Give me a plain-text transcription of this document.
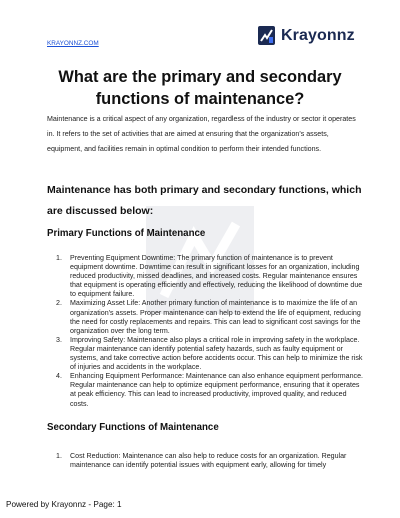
KRAYONNZ.COM	Krayonnz
What are the primary and secondary functions of maintenance?

Maintenance is a critical aspect of any organization, regardless of the industry or sector it operates in. It refers to the set of activities that are aimed at ensuring that the organization's assets, equipment, and facilities remain in optimal condition to perform their intended functions.

Maintenance has both primary and secondary functions, which are discussed below:
Primary Functions of Maintenance
1.	Preventing Equipment Downtime: The primary function of maintenance is to prevent equipment downtime. Downtime can result in significant losses for an organization, including reduced productivity, missed deadlines, and increased costs. Regular maintenance ensures that equipment is operating efficiently and effectively, reducing the likelihood of downtime due to equipment failure.
2.	Maximizing Asset Life: Another primary function of maintenance is to maximize the life of an organization's assets. Proper maintenance can help to extend the life of equipment, reducing the need for costly replacements and repairs. This can lead to significant cost savings for the organization over the long term.
3.	Improving Safety: Maintenance also plays a critical role in improving safety in the workplace. Regular maintenance can identify potential safety hazards, such as faulty equipment or systems, and take corrective action before accidents occur. This can help to minimize the risk of injuries and accidents in the workplace.
4.	Enhancing Equipment Performance: Maintenance can also enhance equipment performance. Regular maintenance can help to optimize equipment performance, ensuring that it operates at peak efficiency. This can lead to increased productivity, improved quality, and reduced costs.
Secondary Functions of Maintenance
1.	Cost Reduction: Maintenance can also help to reduce costs for an organization. Regular maintenance can identify potential issues with equipment early, allowing for timely
Powered by Krayonnz - Page: 1
